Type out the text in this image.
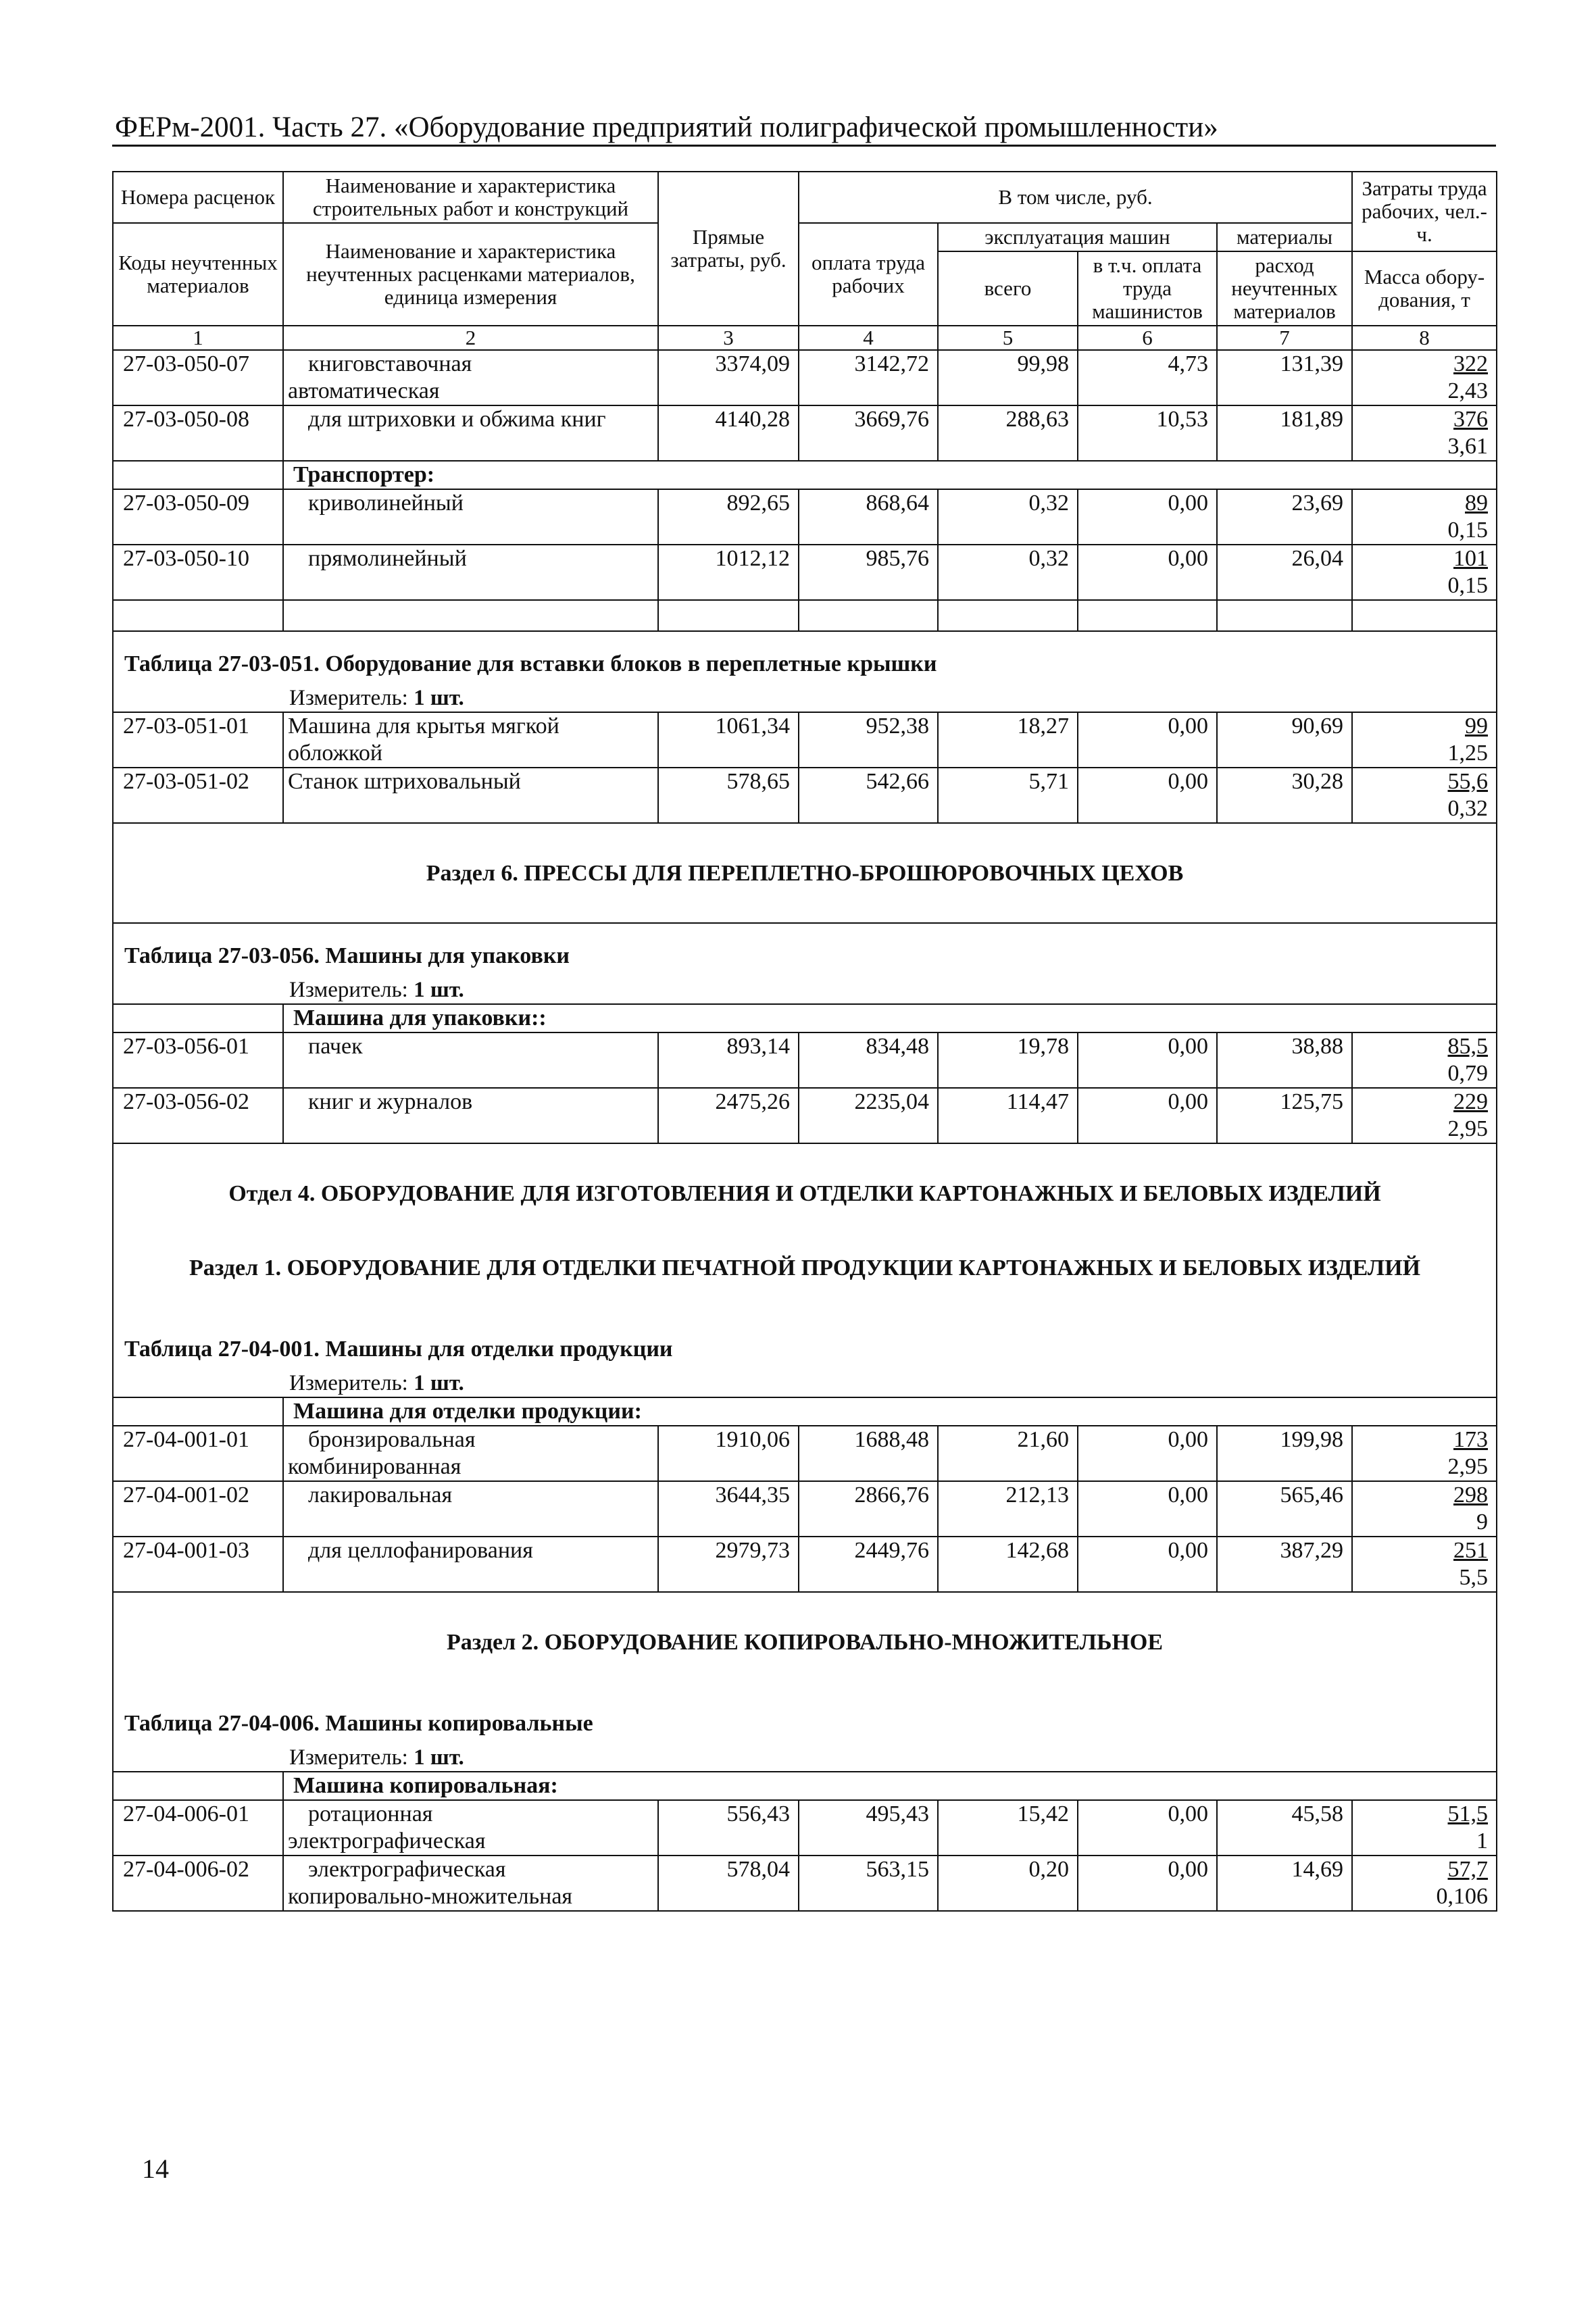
ФЕРм-2001. Часть 27. «Оборудование предприятий полиграфической промышленности»
Номера расценок	Наименование и характеристика строительных работ и конструкций	Прямые затраты, руб.	В том числе, руб.				Затраты труда рабочих, чел.-ч.
Коды неучтенных материалов	Наименование и характеристика неучтенных расценками материалов, единица измерения		оплата труда рабочих	эксплуатация машин		материалы	
				всего	в т.ч. оплата труда машинистов	расход неучтенных материалов	Масса обору-дования, т
1	2	3	4	5	6	7	8
27-03-050-07	книговставочная	3374,09	3142,72	99,98	4,73	131,39	322
	автоматическая						2,43
27-03-050-08	для штриховки и обжима книг	4140,28	3669,76	288,63	10,53	181,89	376
							3,61
	Транспортер:						
27-03-050-09	криволинейный	892,65	868,64	0,32	0,00	23,69	89
							0,15
27-03-050-10	прямолинейный	1012,12	985,76	0,32	0,00	26,04	101
							0,15

Таблица 27-03-051. Оборудование для вставки блоков в переплетные крышки							
Измеритель: 1 шт.							
27-03-051-01	Машина для крытья мягкой	1061,34	952,38	18,27	0,00	90,69	99
	обложкой						1,25
27-03-051-02	Станок штриховальный	578,65	542,66	5,71	0,00	30,28	55,6
							0,32
Раздел 6. ПРЕССЫ ДЛЯ ПЕРЕПЛЕТНО-БРОШЮРОВОЧНЫХ ЦЕХОВ							
Таблица 27-03-056. Машины для упаковки							
Измеритель: 1 шт.							
	Машина для упаковки::						
27-03-056-01	пачек	893,14	834,48	19,78	0,00	38,88	85,5
							0,79
27-03-056-02	книг и журналов	2475,26	2235,04	114,47	0,00	125,75	229
							2,95
Отдел 4. ОБОРУДОВАНИЕ ДЛЯ ИЗГОТОВЛЕНИЯ И ОТДЕЛКИ КАРТОНАЖНЫХ И БЕЛОВЫХ ИЗДЕЛИЙ							
Раздел 1. ОБОРУДОВАНИЕ ДЛЯ ОТДЕЛКИ ПЕЧАТНОЙ ПРОДУКЦИИ КАРТОНАЖНЫХ И БЕЛОВЫХ ИЗДЕЛИЙ							
Таблица 27-04-001. Машины для отделки продукции							
Измеритель: 1 шт.							
	Машина для отделки продукции:						
27-04-001-01	бронзировальная	1910,06	1688,48	21,60	0,00	199,98	173
	комбинированная						2,95
27-04-001-02	лакировальная	3644,35	2866,76	212,13	0,00	565,46	298
							9
27-04-001-03	для целлофанирования	2979,73	2449,76	142,68	0,00	387,29	251
							5,5
Раздел 2. ОБОРУДОВАНИЕ КОПИРОВАЛЬНО-МНОЖИТЕЛЬНОЕ							
Таблица 27-04-006. Машины копировальные							
Измеритель: 1 шт.							
	Машина копировальная:						
27-04-006-01	ротационная	556,43	495,43	15,42	0,00	45,58	51,5
	электрографическая						1
27-04-006-02	электрографическая	578,04	563,15	0,20	0,00	14,69	57,7
	копировально-множительная						0,106

14
